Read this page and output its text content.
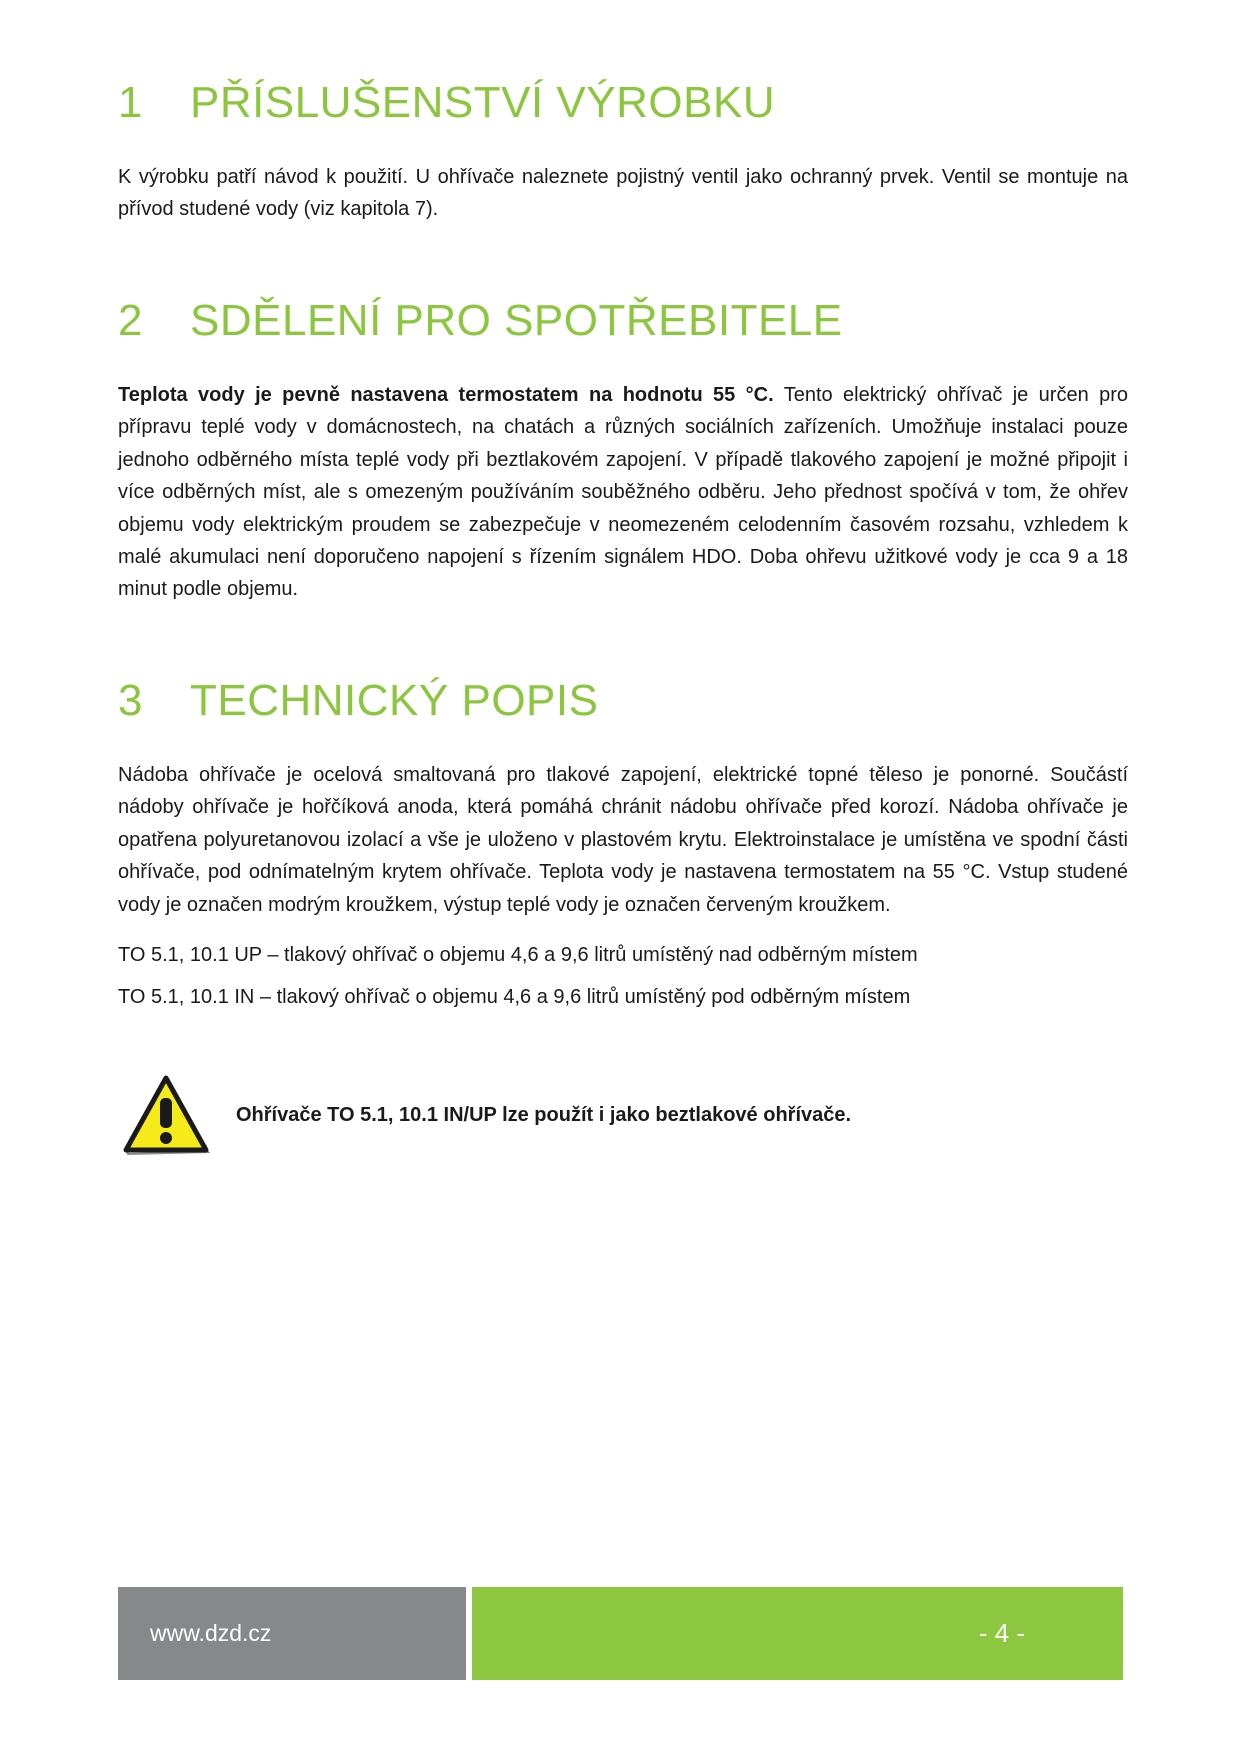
1	PŘÍSLUŠENSTVÍ VÝROBKU

K výrobku patří návod k použití. U ohřívače naleznete pojistný ventil jako ochranný prvek. Ventil se montuje na přívod studené vody (viz kapitola 7).

2	SDĚLENÍ PRO SPOTŘEBITELE

Teplota vody je pevně nastavena termostatem na hodnotu 55 °C. Tento elektrický ohřívač je určen pro přípravu teplé vody v domácnostech, na chatách a různých sociálních zařízeních. Umožňuje instalaci pouze jednoho odběrného místa teplé vody při beztlakovém zapojení. V případě tlakového zapojení je možné připojit i více odběrných míst, ale s omezeným používáním souběžného odběru. Jeho přednost spočívá v tom, že ohřev objemu vody elektrickým proudem se zabezpečuje v neomezeném celodenním časovém rozsahu, vzhledem k malé akumulaci není doporučeno napojení s řízením signálem HDO. Doba ohřevu užitkové vody je cca 9 a 18 minut podle objemu.

3	TECHNICKÝ POPIS

Nádoba ohřívače je ocelová smaltovaná pro tlakové zapojení, elektrické topné těleso je ponorné. Součástí nádoby ohřívače je hořčíková anoda, která pomáhá chránit nádobu ohřívače před korozí. Nádoba ohřívače je opatřena polyuretanovou izolací a vše je uloženo v plastovém krytu. Elektroinstalace je umístěna ve spodní části ohřívače, pod odnímatelným krytem ohřívače. Teplota vody je nastavena termostatem na 55 °C. Vstup studené vody je označen modrým kroužkem, výstup teplé vody je označen červeným kroužkem.

TO 5.1, 10.1 UP – tlakový ohřívač o objemu 4,6 a 9,6 litrů umístěný nad odběrným místem

TO 5.1, 10.1 IN – tlakový ohřívač o objemu 4,6 a 9,6 litrů umístěný pod odběrným místem

Ohřívače TO 5.1, 10.1 IN/UP lze použít i jako beztlakové ohřívače.
www.dzd.cz	- 4 -
